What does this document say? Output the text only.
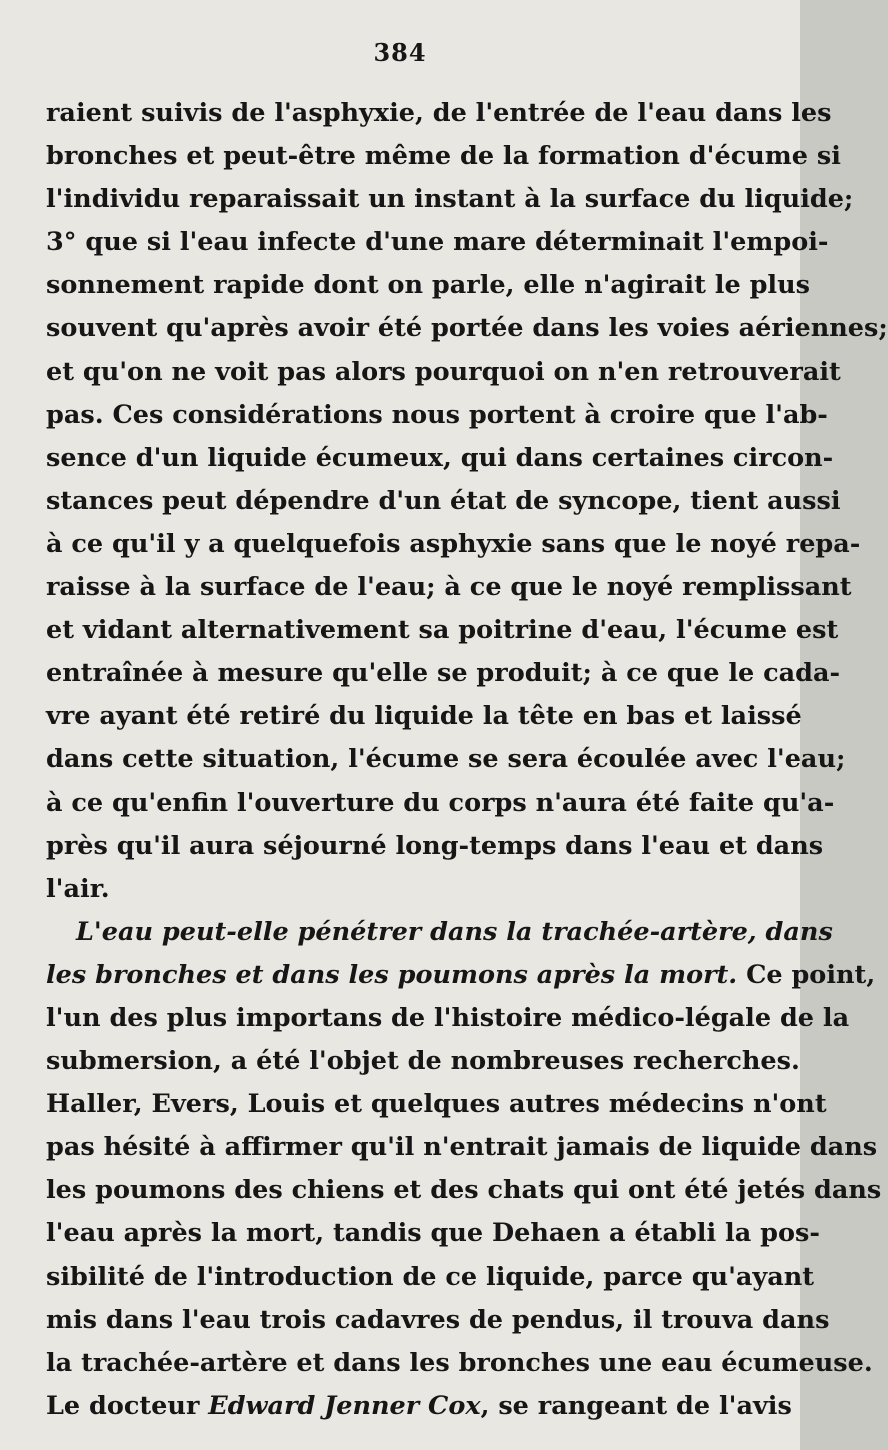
384
raient suivis de l'asphyxie, de l'entrée de l'eau dans les
bronches et peut-être même de la formation d'écume si
l'individu reparaissait un instant à la surface du liquide;
3° que si l'eau infecte d'une mare déterminait l'empoi-
sonnement rapide dont on parle, elle n'agirait le plus
souvent qu'après avoir été portée dans les voies aériennes;
et qu'on ne voit pas alors pourquoi on n'en retrouverait
pas. Ces considérations nous portent à croire que l'ab-
sence d'un liquide écumeux, qui dans certaines circon-
stances peut dépendre d'un état de syncope, tient aussi
à ce qu'il y a quelquefois asphyxie sans que le noyé repa-
raisse à la surface de l'eau; à ce que le noyé remplissant
et vidant alternativement sa poitrine d'eau, l'écume est
entraînée à mesure qu'elle se produit; à ce que le cada-
vre ayant été retiré du liquide la tête en bas et laissé
dans cette situation, l'écume se sera écoulée avec l'eau;
à ce qu'enfin l'ouverture du corps n'aura été faite qu'a-
près qu'il aura séjourné long-temps dans l'eau et dans
l'air.
L'eau peut-elle pénétrer dans la trachée-artère, dans
les bronches et dans les poumons après la mort. Ce point,
l'un des plus importans de l'histoire médico-légale de la
submersion, a été l'objet de nombreuses recherches.
Haller, Evers, Louis et quelques autres médecins n'ont
pas hésité à affirmer qu'il n'entrait jamais de liquide dans
les poumons des chiens et des chats qui ont été jetés dans
l'eau après la mort, tandis que Dehaen a établi la pos-
sibilité de l'introduction de ce liquide, parce qu'ayant
mis dans l'eau trois cadavres de pendus, il trouva dans
la trachée-artère et dans les bronches une eau écumeuse.
Le docteur Edward Jenner Cox, se rangeant de l'avis
